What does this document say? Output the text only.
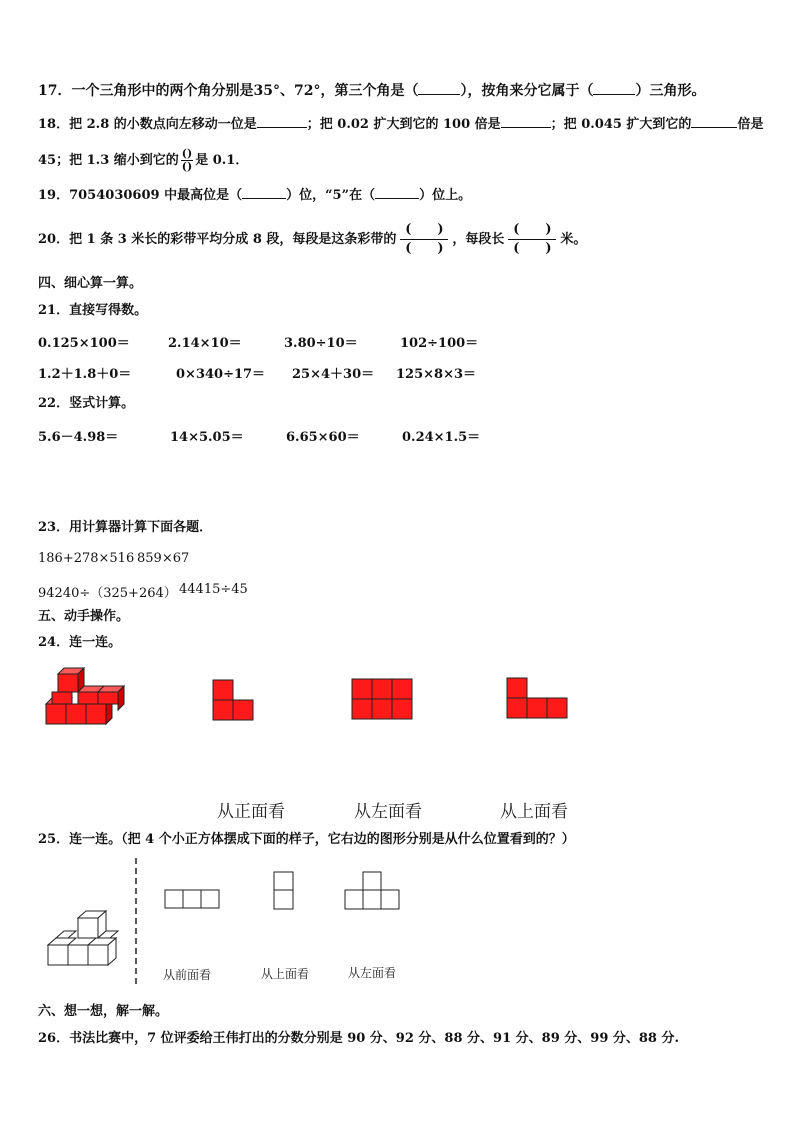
17．一个三角形中的两个角分别是35°、72°，第三个角是（	），按角来分它属于（	）三角形。
18．把 2.8 的小数点向左移动一位是	；把 0.02 扩大到它的 100 倍是	；把 0.045 扩大到它的	倍是
45；把 1.3 缩小到它的 $\frac{()}{()}$ 是 0.1．
19．7054030609 中最高位是（	）位，“5”在（	）位上。
20．把 1 条 3 米长的彩带平均分成 8 段，每段是这条彩带的 $\frac{( )}{( )}$ ，每段长 $\frac{( )}{( )}$ 米。
四、细心算一算。
21．直接写得数。
0.125×100＝	2.14×10＝	3.80÷10＝	102÷100＝
1.2＋1.8＋0＝	0×340÷17＝ 25×4＋30＝ 125×8×3＝
22．竖式计算。
5.6－4.98＝	14×5.05＝	6.65×60＝	0.24×1.5＝
23．用计算器计算下面各题．
186+278×516 859×67
94240÷（325+264） 44415÷45
五、动手操作。
24．连一连。
从正面看	从左面看	从上面看
25．连一连。（把 4 个小正方体摆成下面的样子，它右边的图形分别是从什么位置看到的？）
从前面看	从上面看	从左面看
六、想一想，解一解。
26．书法比赛中，7 位评委给王伟打出的分数分别是 90 分、92 分、88 分、91 分、89 分、99 分、88 分.
